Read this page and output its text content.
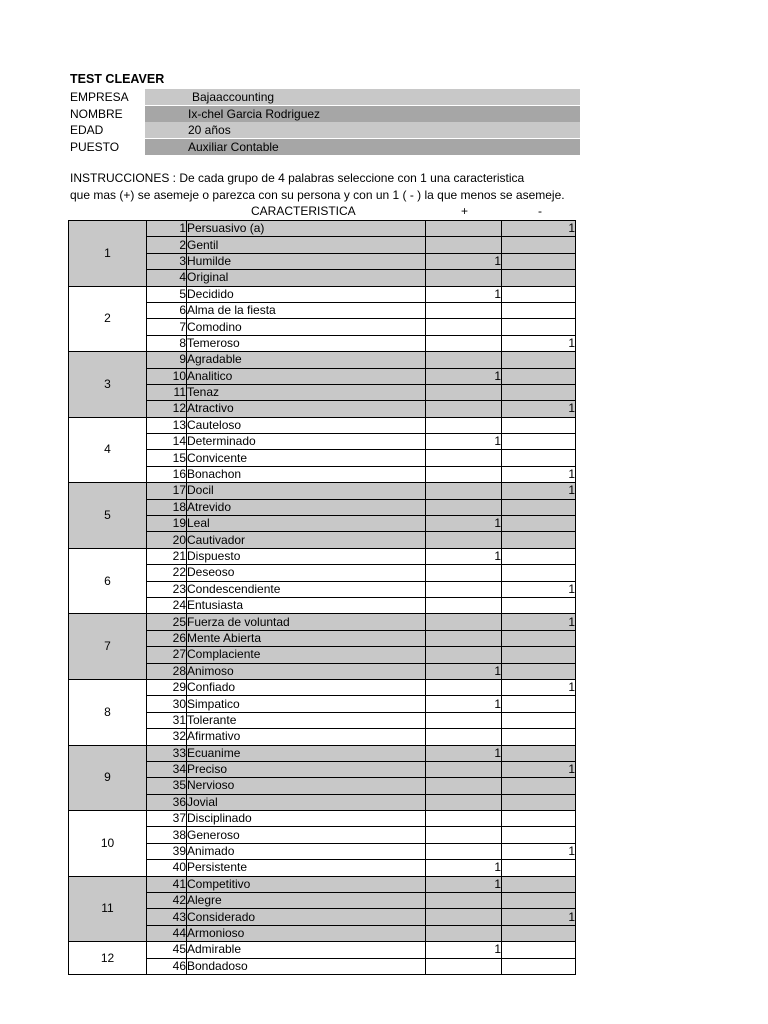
TEST CLEAVER
EMPRESA	Bajaaccounting
NOMBRE	Ix-chel Garcia Rodriguez
EDAD	20 años
PUESTO	Auxiliar Contable
INSTRUCCIONES : De cada grupo de 4 palabras seleccione con 1 una caracteristica
que mas (+) se asemeje o parezca con su persona y con un 1 ( - ) la que menos se asemeje.
CARACTERISTICA	+	-
1	1	Persuasivo (a)		1
	2	Gentil		
	3	Humilde	1	
	4	Original		
2	5	Decidido	1	
	6	Alma de la fiesta		
	7	Comodino		
	8	Temeroso		1
3	9	Agradable		
	10	Analitico	1	
	11	Tenaz		
	12	Atractivo		1
4	13	Cauteloso		
	14	Determinado	1	
	15	Convicente		
	16	Bonachon		1
5	17	Docil		1
	18	Atrevido		
	19	Leal	1	
	20	Cautivador		
6	21	Dispuesto	1	
	22	Deseoso		
	23	Condescendiente		1
	24	Entusiasta		
7	25	Fuerza de voluntad		1
	26	Mente Abierta		
	27	Complaciente		
	28	Animoso	1	
8	29	Confiado		1
	30	Simpatico	1	
	31	Tolerante		
	32	Afirmativo		
9	33	Ecuanime	1	
	34	Preciso		1
	35	Nervioso		
	36	Jovial		
10	37	Disciplinado		
	38	Generoso		
	39	Animado		1
	40	Persistente	1	
11	41	Competitivo	1	
	42	Alegre		
	43	Considerado		1
	44	Armonioso		
12	45	Admirable	1	
	46	Bondadoso		
